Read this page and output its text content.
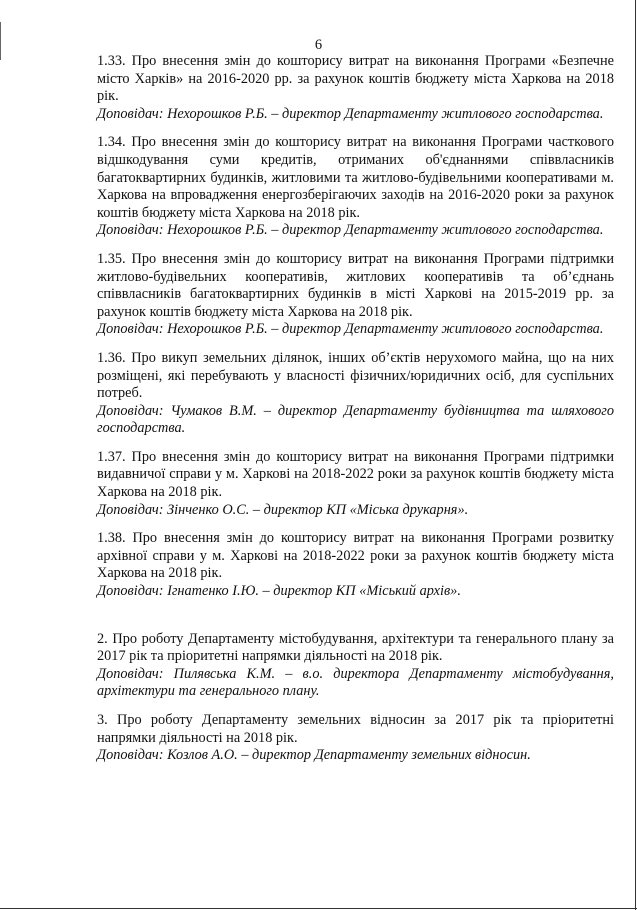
6

1.33. Про внесення змін до кошторису витрат на виконання Програми «Безпечне місто Харків» на 2016-2020 рр. за рахунок коштів бюджету міста Харкова на 2018 рік.

Доповідач: Нехорошков Р.Б. – директор Департаменту житлового господарства.

1.34. Про внесення змін до кошторису витрат на виконання Програми часткового відшкодування суми кредитів, отриманих об'єднаннями співвласників багатоквартирних будинків, житловими та житлово-будівельними кооперативами м. Харкова на впровадження енергозберігаючих заходів на 2016-2020 роки за рахунок коштів бюджету міста Харкова на 2018 рік.

Доповідач: Нехорошков Р.Б. – директор Департаменту житлового господарства.

1.35. Про внесення змін до кошторису витрат на виконання Програми підтримки житлово-будівельних кооперативів, житлових кооперативів та об’єднань співвласників багатоквартирних будинків в місті Харкові на 2015-2019 рр. за рахунок коштів бюджету міста Харкова на 2018 рік.

Доповідач: Нехорошков Р.Б. – директор Департаменту житлового господарства.

1.36. Про викуп земельних ділянок, інших об’єктів нерухомого майна, що на них розміщені, які перебувають у власності фізичних/юридичних осіб, для суспільних потреб.

Доповідач: Чумаков В.М. – директор Департаменту будівництва та шляхового господарства.

1.37. Про внесення змін до кошторису витрат на виконання Програми підтримки видавничої справи у м. Харкові на 2018-2022 роки за рахунок коштів бюджету міста Харкова на 2018 рік.

Доповідач: Зінченко О.С. – директор КП «Міська друкарня».

1.38. Про внесення змін до кошторису витрат на виконання Програми розвитку архівної справи у м. Харкові на 2018-2022 роки за рахунок коштів бюджету міста Харкова на 2018 рік.

Доповідач: Ігнатенко І.Ю. – директор КП «Міський архів».

2. Про роботу Департаменту містобудування, архітектури та генерального плану за 2017 рік та пріоритетні напрямки діяльності на 2018 рік.

Доповідач: Пилявська К.М. – в.о. директора Департаменту містобудування, архітектури та генерального плану.

3. Про роботу Департаменту земельних відносин за 2017 рік та пріоритетні напрямки діяльності на 2018 рік.

Доповідач: Козлов А.О. – директор Департаменту земельних відносин.
